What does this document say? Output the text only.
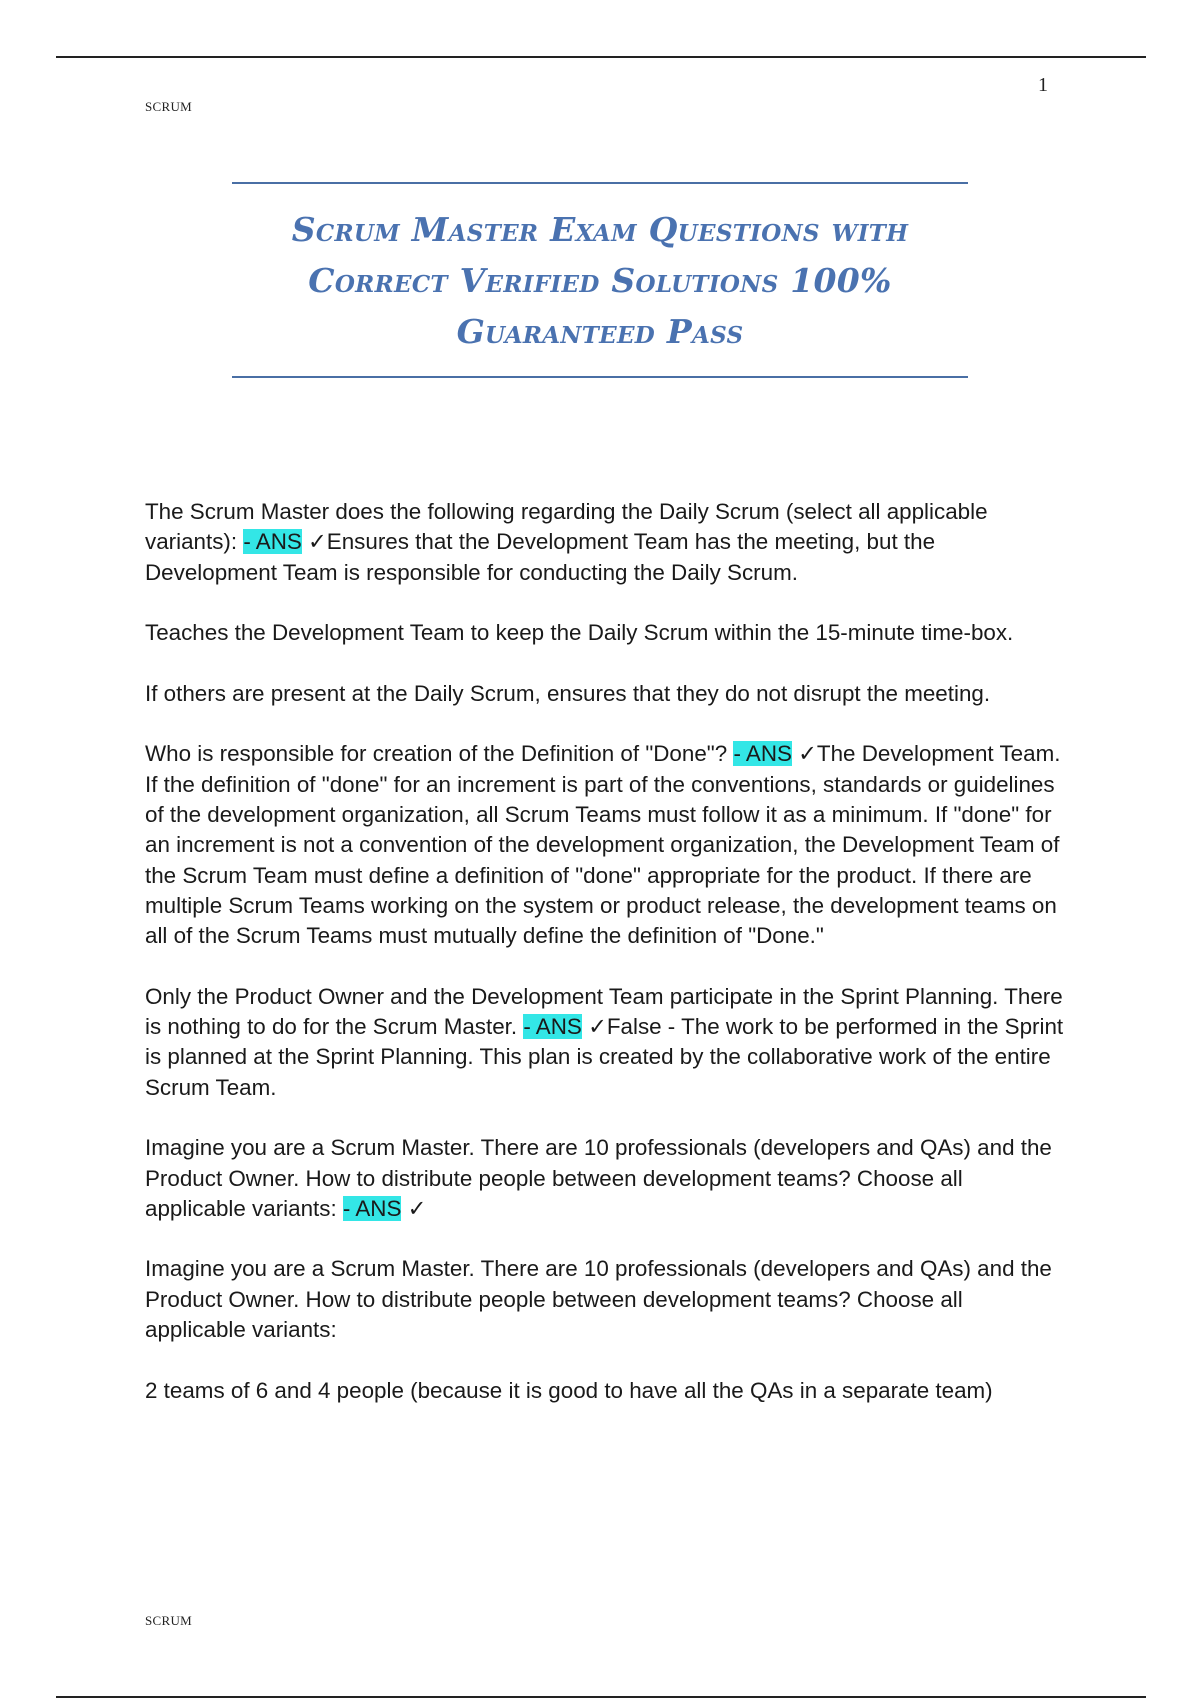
1
SCRUM
Scrum Master Exam Questions with
Correct Verified Solutions 100%
Guaranteed Pass

The Scrum Master does the following regarding the Daily Scrum (select all applicable variants): - ANS ✓Ensures that the Development Team has the meeting, but the Development Team is responsible for conducting the Daily Scrum.

Teaches the Development Team to keep the Daily Scrum within the 15-minute time-box.

If others are present at the Daily Scrum, ensures that they do not disrupt the meeting.

Who is responsible for creation of the Definition of "Done"? - ANS ✓The Development Team. If the definition of "done" for an increment is part of the conventions, standards or guidelines of the development organization, all Scrum Teams must follow it as a minimum. If "done" for an increment is not a convention of the development organization, the Development Team of the Scrum Team must define a definition of "done" appropriate for the product. If there are multiple Scrum Teams working on the system or product release, the development teams on all of the Scrum Teams must mutually define the definition of "Done."

Only the Product Owner and the Development Team participate in the Sprint Planning. There is nothing to do for the Scrum Master. - ANS ✓False - The work to be performed in the Sprint is planned at the Sprint Planning. This plan is created by the collaborative work of the entire Scrum Team.

Imagine you are a Scrum Master. There are 10 professionals (developers and QAs) and the Product Owner. How to distribute people between development teams? Choose all applicable variants: - ANS ✓

Imagine you are a Scrum Master. There are 10 professionals (developers and QAs) and the Product Owner. How to distribute people between development teams? Choose all applicable variants:

2 teams of 6 and 4 people (because it is good to have all the QAs in a separate team)

SCRUM
